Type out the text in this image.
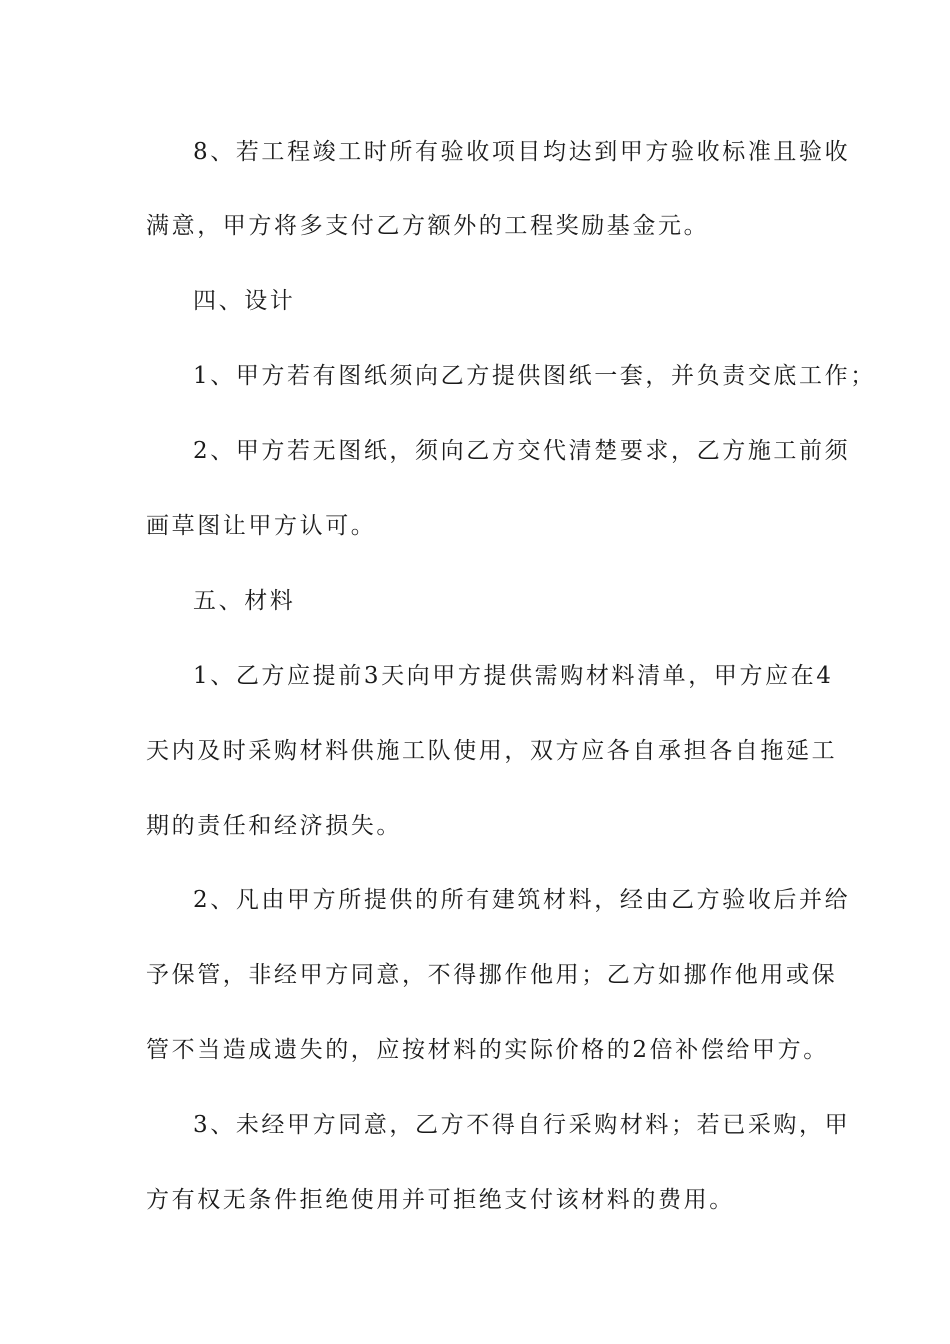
8、若工程竣工时所有验收项目均达到甲方验收标准且验收
满意，甲方将多支付乙方额外的工程奖励基金元。
四、设计
1、甲方若有图纸须向乙方提供图纸一套，并负责交底工作；
2、甲方若无图纸，须向乙方交代清楚要求，乙方施工前须
画草图让甲方认可。
五、材料
1、乙方应提前3天向甲方提供需购材料清单，甲方应在4
天内及时采购材料供施工队使用，双方应各自承担各自拖延工
期的责任和经济损失。
2、凡由甲方所提供的所有建筑材料，经由乙方验收后并给
予保管，非经甲方同意，不得挪作他用；乙方如挪作他用或保
管不当造成遗失的，应按材料的实际价格的2倍补偿给甲方。
3、未经甲方同意，乙方不得自行采购材料；若已采购，甲
方有权无条件拒绝使用并可拒绝支付该材料的费用。
